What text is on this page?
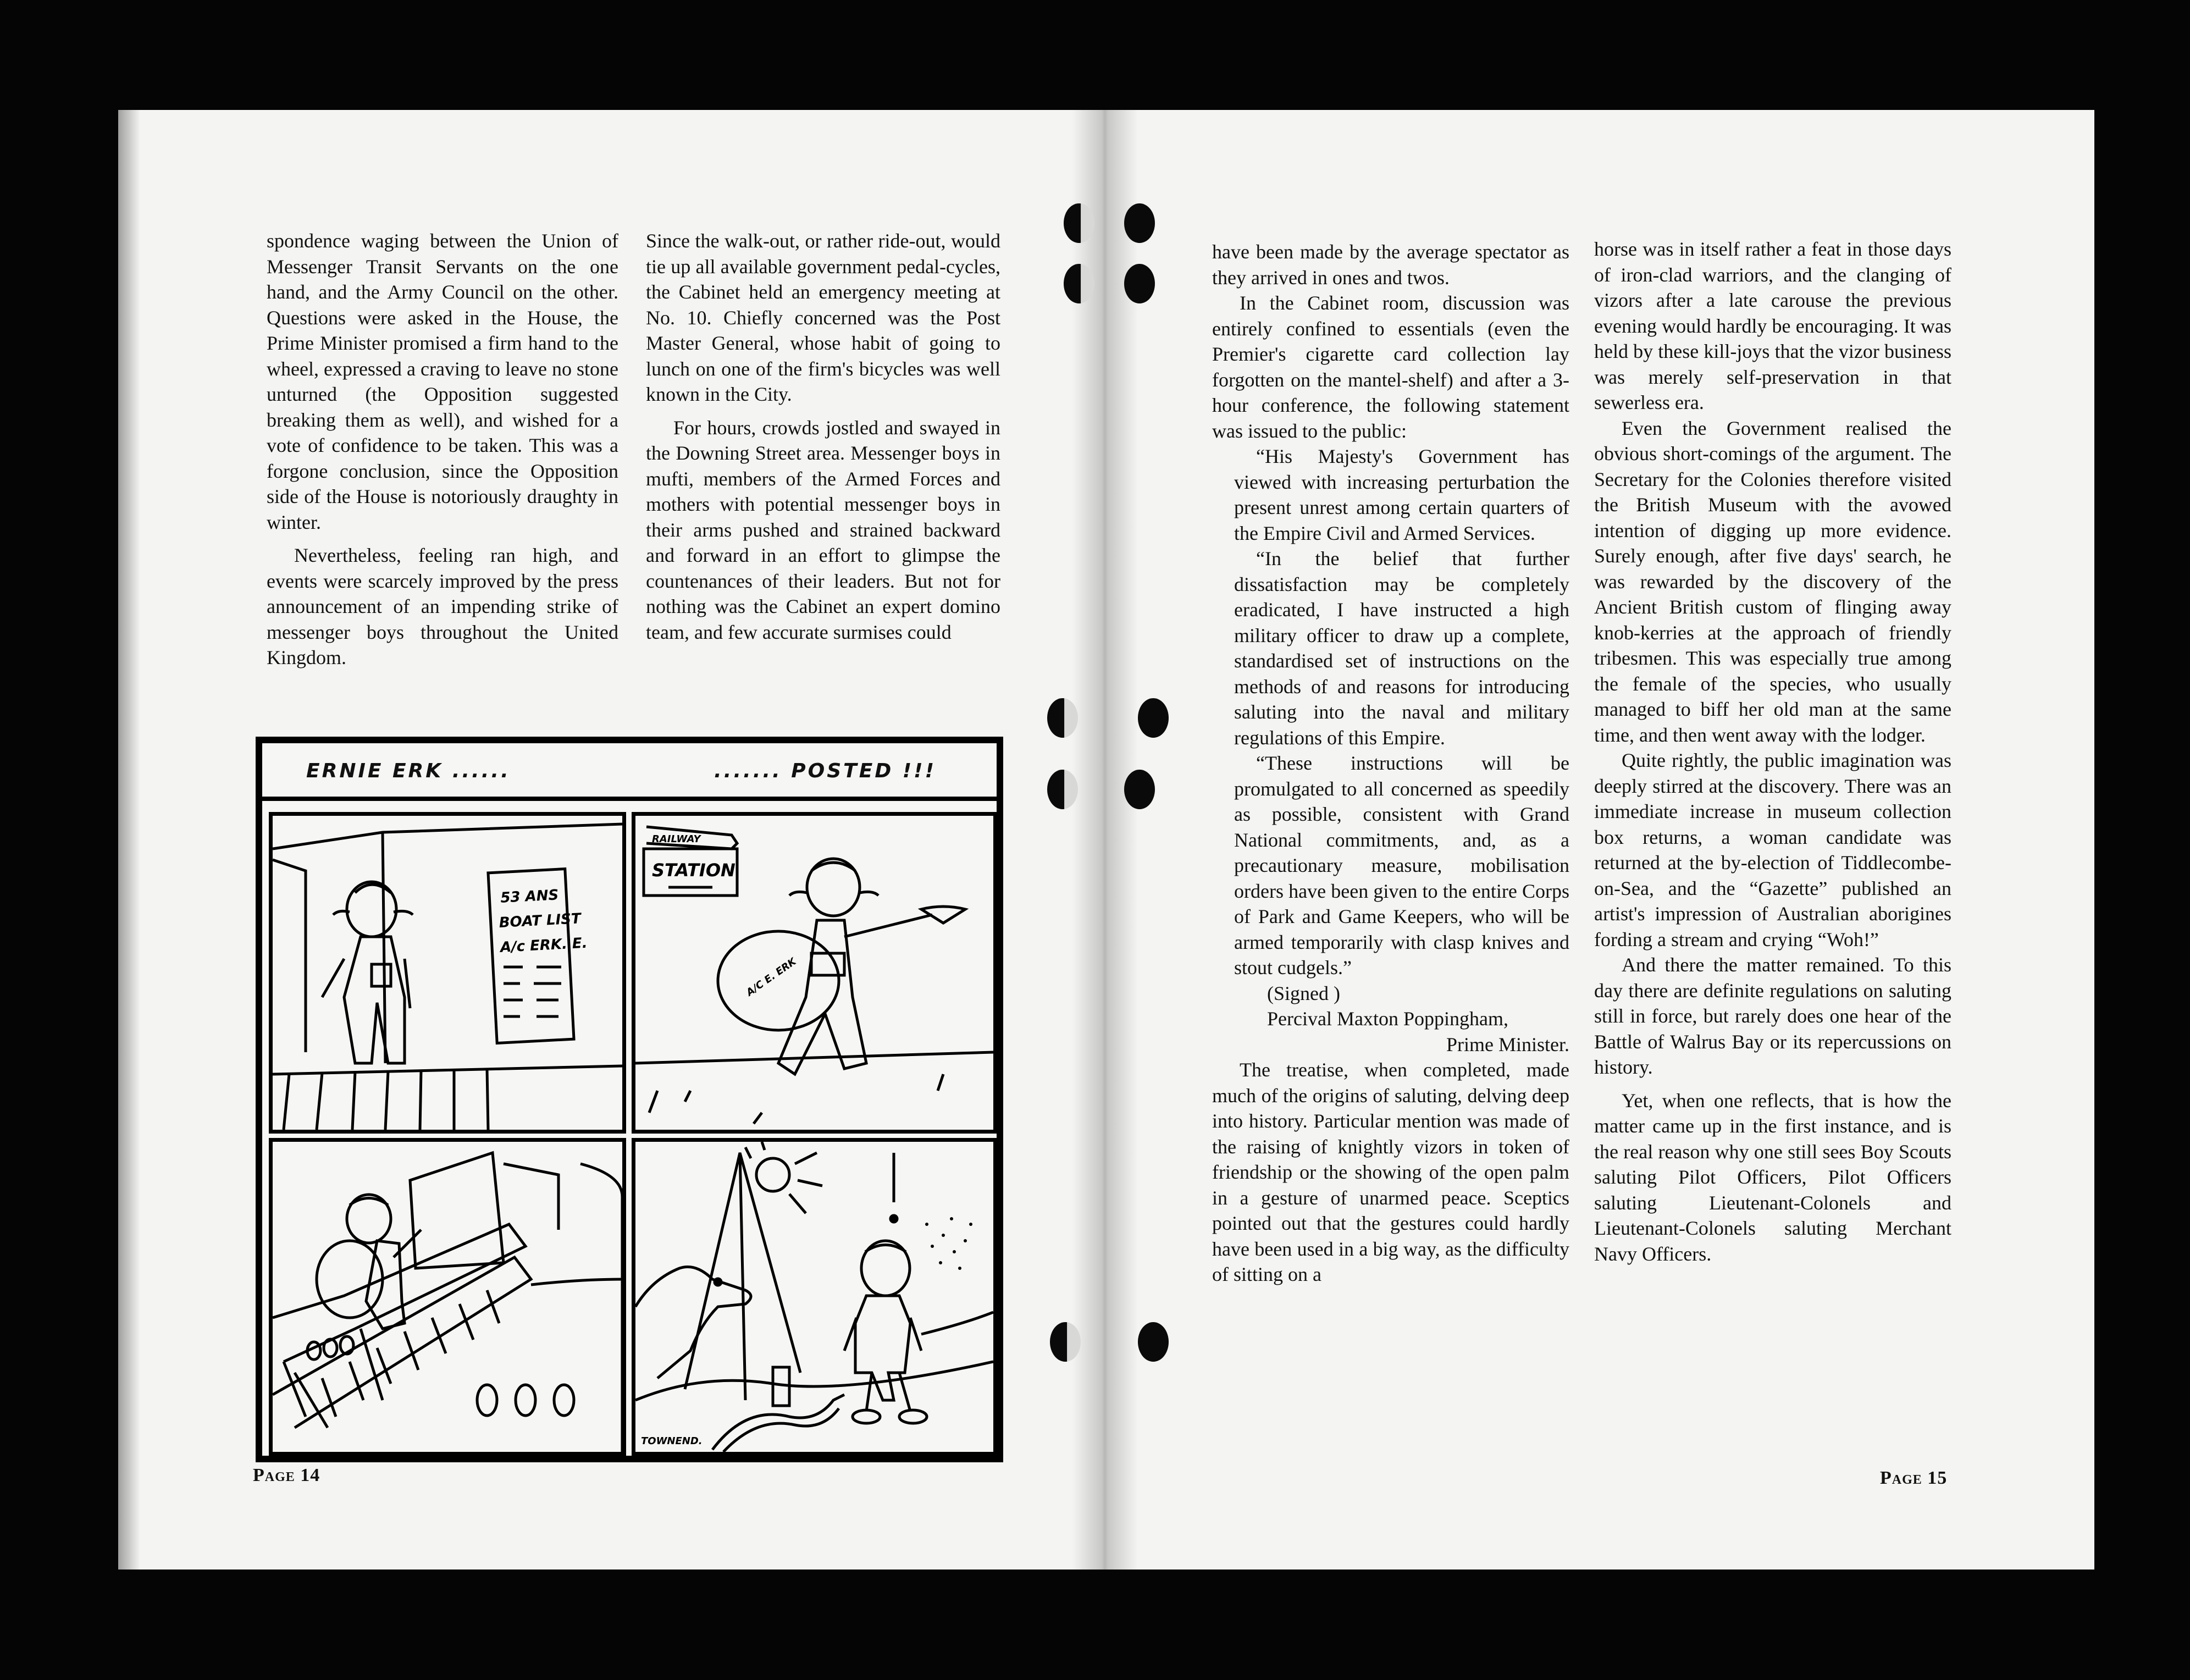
spondence waging between the Union of Messenger Transit Servants on the one hand, and the Army Council on the other. Questions were asked in the House, the Prime Minister promised a firm hand to the wheel, expressed a craving to leave no stone unturned (the Opposition suggested breaking them as well), and wished for a vote of confidence to be taken. This was a forgone conclusion, since the Opposition side of the House is notoriously draughty in winter.

Nevertheless, feeling ran high, and events were scarcely improved by the press announcement of an impending strike of messenger boys throughout the United Kingdom.

Since the walk-out, or rather ride-out, would tie up all available government pedal-cycles, the Cabinet held an emergency meeting at No. 10. Chiefly concerned was the Post Master General, whose habit of going to lunch on one of the firm's bicycles was well known in the City.

For hours, crowds jostled and swayed in the Downing Street area. Messenger boys in mufti, members of the Armed Forces and mothers with potential messenger boys in their arms pushed and strained backward and forward in an effort to glimpse the countenances of their leaders. But not for nothing was the Cabinet an expert domino team, and few accurate surmises could

ERNIE ERK ......	....... POSTED !!!
53 ANS
BOAT LIST
A/c ERK. E.
RAILWAY
STATION
A/C E. ERK
TOWNEND.
Page 14

have been made by the average spectator as they arrived in ones and twos.

In the Cabinet room, discussion was entirely confined to essentials (even the Premier's cigarette card collection lay forgotten on the mantel-shelf) and after a 3-hour conference, the following statement was issued to the public:

“His Majesty's Government has viewed with increasing perturbation the present unrest among certain quarters of the Empire Civil and Armed Services.

“In the belief that further dissatisfaction may be completely eradicated, I have instructed a high military officer to draw up a complete, standardised set of instructions on the methods of and reasons for introducing saluting into the naval and military regulations of this Empire.

“These instructions will be promulgated to all concerned as speedily as possible, consistent with Grand National commitments, and, as a precautionary measure, mobilisation orders have been given to the entire Corps of Park and Game Keepers, who will be armed temporarily with clasp knives and stout cudgels.”

(Signed )

Percival Maxton Poppingham,

Prime Minister.

The treatise, when completed, made much of the origins of saluting, delving deep into history. Particular mention was made of the raising of knightly vizors in token of friendship or the showing of the open palm in a gesture of unarmed peace. Sceptics pointed out that the gestures could hardly have been used in a big way, as the difficulty of sitting on a

horse was in itself rather a feat in those days of iron-clad warriors, and the clanging of vizors after a late carouse the previous evening would hardly be encouraging. It was held by these kill-joys that the vizor business was merely self-preservation in that sewerless era.

Even the Government realised the obvious short-comings of the argument. The Secretary for the Colonies therefore visited the British Museum with the avowed intention of digging up more evidence. Surely enough, after five days' search, he was rewarded by the discovery of the Ancient British custom of flinging away knob-kerries at the approach of friendly tribesmen. This was especially true among the female of the species, who usually managed to biff her old man at the same time, and then went away with the lodger.

Quite rightly, the public imagination was deeply stirred at the discovery. There was an immediate increase in museum collection box returns, a woman candidate was returned at the by-election of Tiddlecombe-on-Sea, and the “Gazette” published an artist's impression of Australian aborigines fording a stream and crying “Woh!”

And there the matter remained. To this day there are definite regulations on saluting still in force, but rarely does one hear of the Battle of Walrus Bay or its repercussions on history.

Yet, when one reflects, that is how the matter came up in the first instance, and is the real reason why one still sees Boy Scouts saluting Pilot Officers, Pilot Officers saluting Lieutenant-Colonels and Lieutenant-Colonels saluting Merchant Navy Officers.

Page 15
